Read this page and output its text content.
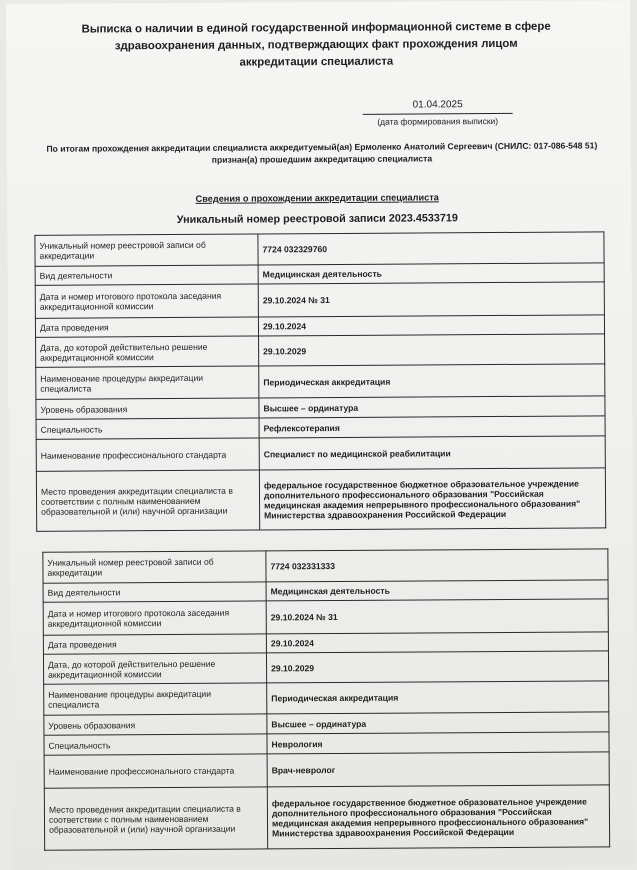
Выписка о наличии в единой государственной информационной системе в сфере здравоохранения данных, подтверждающих факт прохождения лицом аккредитации специалиста
01.04.2025
(дата формирования выписки)
По итогам прохождения аккредитации специалиста аккредитуемый(ая) Ермоленко Анатолий Сергеевич (СНИЛС: 017-086-548 51) признан(а) прошедшим аккредитацию специалиста
Сведения о прохождении аккредитации специалиста
Уникальный номер реестровой записи 2023.4533719
Уникальный номер реестровой записи об аккредитации	7724 032329760
Вид деятельности	Медицинская деятельность
Дата и номер итогового протокола заседания аккредитационной комиссии	29.10.2024 № 31
Дата проведения	29.10.2024
Дата, до которой действительно решение аккредитационной комиссии	29.10.2029
Наименование процедуры аккредитации специалиста	Периодическая аккредитация
Уровень образования	Высшее – ординатура
Специальность	Рефлексотерапия
Наименование профессионального стандарта	Специалист по медицинской реабилитации
Место проведения аккредитации специалиста в соответствии с полным наименованием образовательной и (или) научной организации	федеральное государственное бюджетное образовательное учреждение дополнительного профессионального образования "Российская медицинская академия непрерывного профессионального образования" Министерства здравоохранения Российской Федерации
Уникальный номер реестровой записи об аккредитации	7724 032331333
Вид деятельности	Медицинская деятельность
Дата и номер итогового протокола заседания аккредитационной комиссии	29.10.2024 № 31
Дата проведения	29.10.2024
Дата, до которой действительно решение аккредитационной комиссии	29.10.2029
Наименование процедуры аккредитации специалиста	Периодическая аккредитация
Уровень образования	Высшее – ординатура
Специальность	Неврология
Наименование профессионального стандарта	Врач-невролог
Место проведения аккредитации специалиста в соответствии с полным наименованием образовательной и (или) научной организации	федеральное государственное бюджетное образовательное учреждение дополнительного профессионального образования "Российская медицинская академия непрерывного профессионального образования" Министерства здравоохранения Российской Федерации
